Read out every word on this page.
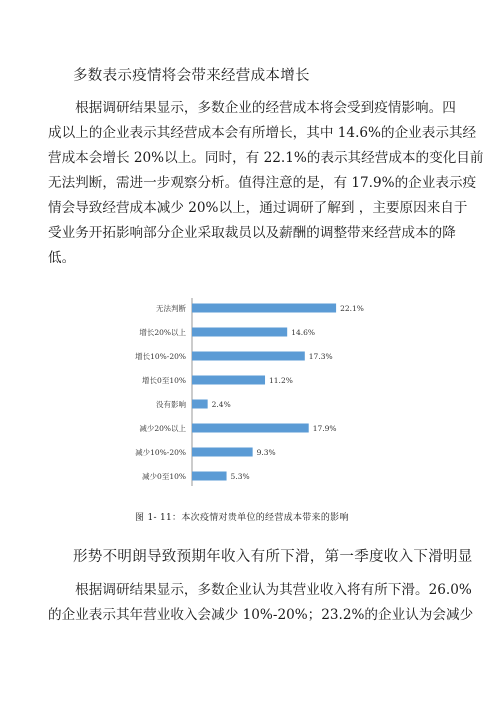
多数表示疫情将会带来经营成本增长
　　根据调研结果显示，多数企业的经营成本将会受到疫情影响。四
成以上的企业表示其经营成本会有所增长，其中 14.6%的企业表示其经
营成本会增长 20%以上。同时，有 22.1%的表示其经营成本的变化目前
无法判断，需进一步观察分析。值得注意的是，有 17.9%的企业表示疫
情会导致经营成本减少 20%以上，通过调研了解到 ，主要原因来自于
受业务开拓影响部分企业采取裁员以及薪酬的调整带来经营成本的降
低。
无法判断	22.1%
增长20%以上	14.6%
增长10%-20%	17.3%
增长0至10%	11.2%
没有影响	2.4%
减少20%以上	17.9%
减少10%-20%	9.3%
减少0至10%	5.3%
图 1- 11：本次疫情对贵单位的经营成本带来的影响
形势不明朗导致预期年收入有所下滑，第一季度收入下滑明显
　　根据调研结果显示，多数企业认为其营业收入将有所下滑。26.0%
的企业表示其年营业收入会减少 10%-20%；23.2%的企业认为会减少
